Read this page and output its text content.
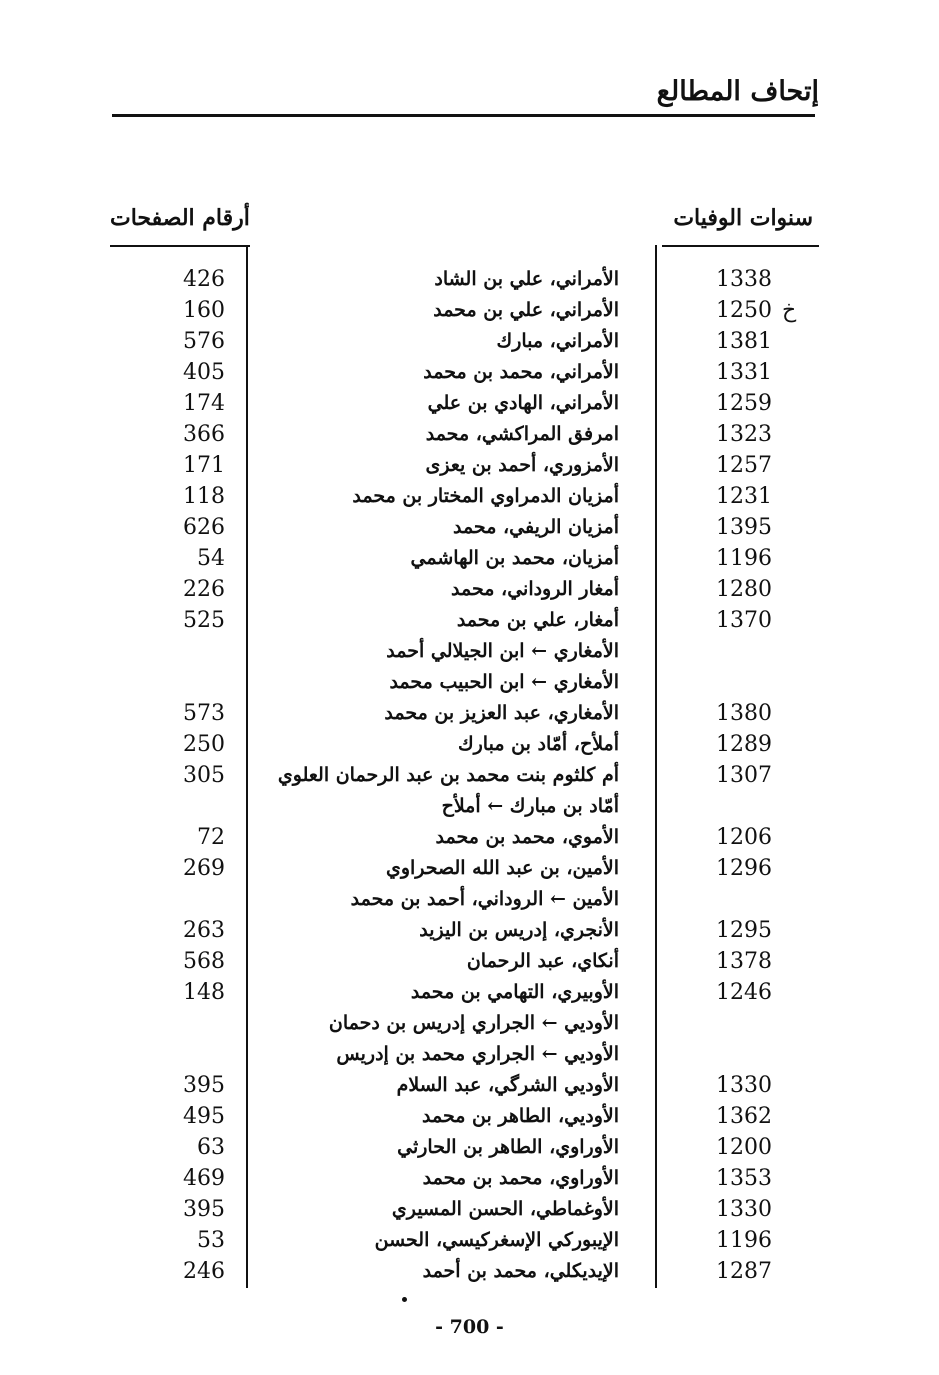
إتحاف المطالع
سنوات الوفيات
أرقام الصفحات
426	الأمراني، علي بن الشاد	1338
160	الأمراني، علي بن محمد	1250 خ
576	الأمراني، مبارك	1381
405	الأمراني، محمد بن محمد	1331
174	الأمراني، الهادي بن علي	1259
366	امرفق المراكشي، محمد	1323
171	الأمزوري، أحمد بن يعزى	1257
118	أمزيان الدمراوي المختار بن محمد	1231
626	أمزيان الريفي، محمد	1395
54	أمزيان، محمد بن الهاشمي	1196
226	أمغار الروداني، محمد	1280
525	أمغار، علي بن محمد	1370
الأمغاري ← ابن الجيلالي أحمد
الأمغاري ← ابن الحبيب محمد
573	الأمغاري، عبد العزيز بن محمد	1380
250	أملأح، أمّاد بن مبارك	1289
305	أم كلثوم بنت محمد بن عبد الرحمان العلوي	1307
أمّاد بن مبارك ← أملأح
72	الأموي، محمد بن محمد	1206
269	الأمين، بن عبد الله الصحراوي	1296
الأمين ← الروداني، أحمد بن محمد
263	الأنجري، إدريس بن اليزيد	1295
568	أنكاي، عبد الرحمان	1378
148	الأوبيري، التهامي بن محمد	1246
الأوديي ← الجراري إدريس بن دحمان
الأوديي ← الجراري محمد بن إدريس
395	الأوديي الشرگي، عبد السلام	1330
495	الأوديي، الطاهر بن محمد	1362
63	الأوراوي، الطاهر بن الحارثي	1200
469	الأوراوي، محمد بن محمد	1353
395	الأوغماطي، الحسن المسيري	1330
53	الإيبوركي الإسغركيسي، الحسن	1196
246	الإيديكلي، محمد بن أحمد	1287
- 700 -
